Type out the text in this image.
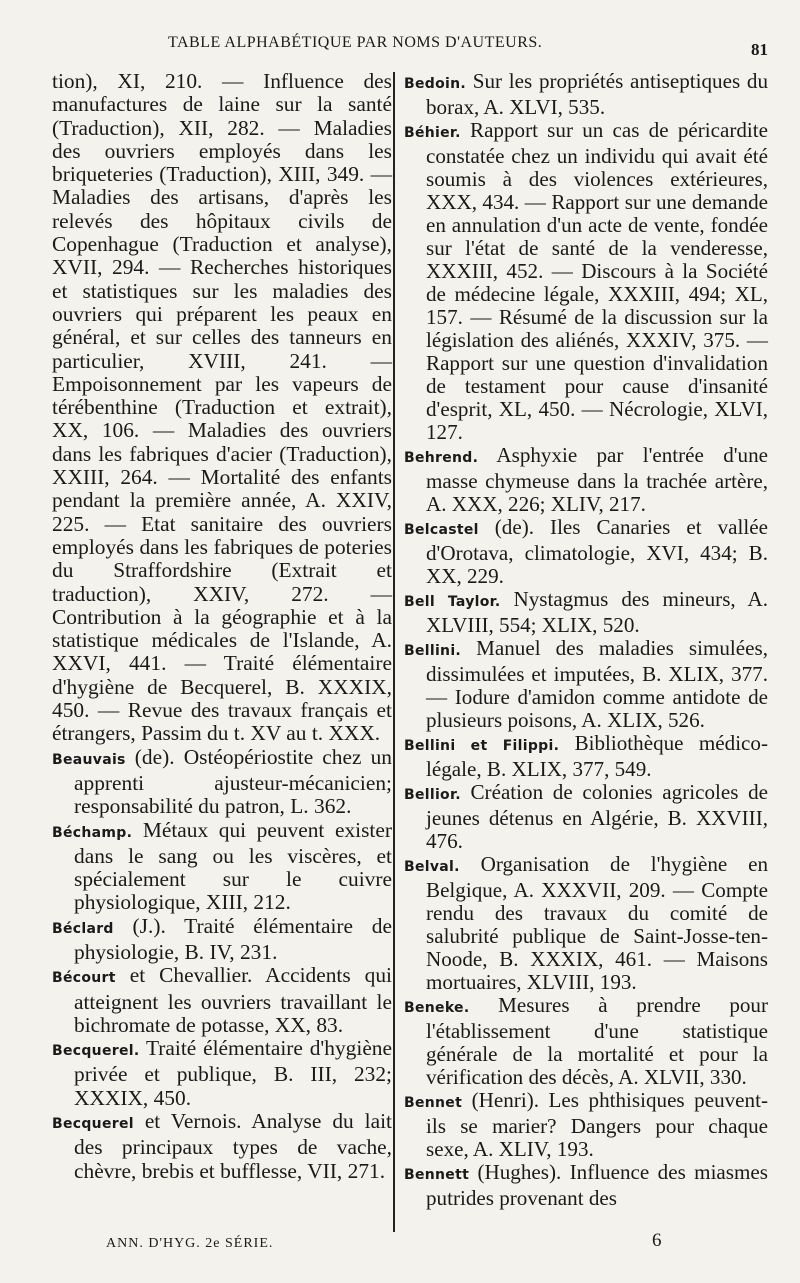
TABLE ALPHABÉTIQUE PAR NOMS D'AUTEURS.	81

tion), XI, 210. — Influence des manufactures de laine sur la santé (Traduction), XII, 282. — Maladies des ouvriers employés dans les briqueteries (Traduction), XIII, 349. — Maladies des artisans, d'après les relevés des hôpitaux civils de Copenhague (Traduction et analyse), XVII, 294. — Recherches historiques et statistiques sur les maladies des ouvriers qui préparent les peaux en général, et sur celles des tanneurs en particulier, XVIII, 241. — Empoisonnement par les vapeurs de térébenthine (Traduction et extrait), XX, 106. — Maladies des ouvriers dans les fabriques d'acier (Traduction), XXIII, 264. — Mortalité des enfants pendant la première année, A. XXIV, 225. — Etat sanitaire des ouvriers employés dans les fabriques de poteries du Straffordshire (Extrait et traduction), XXIV, 272. — Contribution à la géographie et à la statistique médicales de l'Islande, A. XXVI, 441. — Traité élémentaire d'hygiène de Becquerel, B. XXXIX, 450. — Revue des travaux français et étrangers, Passim du t. XV au t. XXX.

Beauvais (de). Ostéopériostite chez un apprenti ajusteur-mécanicien; responsabilité du patron, L. 362.

Béchamp. Métaux qui peuvent exister dans le sang ou les viscères, et spécialement sur le cuivre physiologique, XIII, 212.

Béclard (J.). Traité élémentaire de physiologie, B. IV, 231.

Bécourt et Chevallier. Accidents qui atteignent les ouvriers travaillant le bichromate de potasse, XX, 83.

Becquerel. Traité élémentaire d'hygiène privée et publique, B. III, 232; XXXIX, 450.

Becquerel et Vernois. Analyse du lait des principaux types de vache, chèvre, brebis et bufflesse, VII, 271.

Bedoin. Sur les propriétés antiseptiques du borax, A. XLVI, 535.

Béhier. Rapport sur un cas de péricardite constatée chez un individu qui avait été soumis à des violences extérieures, XXX, 434. — Rapport sur une demande en annulation d'un acte de vente, fondée sur l'état de santé de la venderesse, XXXIII, 452. — Discours à la Société de médecine légale, XXXIII, 494; XL, 157. — Résumé de la discussion sur la législation des aliénés, XXXIV, 375. — Rapport sur une question d'invalidation de testament pour cause d'insanité d'esprit, XL, 450. — Nécrologie, XLVI, 127.

Behrend. Asphyxie par l'entrée d'une masse chymeuse dans la trachée artère, A. XXX, 226; XLIV, 217.

Belcastel (de). Iles Canaries et vallée d'Orotava, climatologie, XVI, 434; B. XX, 229.

Bell Taylor. Nystagmus des mineurs, A. XLVIII, 554; XLIX, 520.

Bellini. Manuel des maladies simulées, dissimulées et imputées, B. XLIX, 377. — Iodure d'amidon comme antidote de plusieurs poisons, A. XLIX, 526.

Bellini et Filippi. Bibliothèque médico-légale, B. XLIX, 377, 549.

Bellior. Création de colonies agricoles de jeunes détenus en Algérie, B. XXVIII, 476.

Belval. Organisation de l'hygiène en Belgique, A. XXXVII, 209. — Compte rendu des travaux du comité de salubrité publique de Saint-Josse-ten-Noode, B. XXXIX, 461. — Maisons mortuaires, XLVIII, 193.

Beneke. Mesures à prendre pour l'établissement d'une statistique générale de la mortalité et pour la vérification des décès, A. XLVII, 330.

Bennet (Henri). Les phthisiques peuvent-ils se marier? Dangers pour chaque sexe, A. XLIV, 193.

Bennett (Hughes). Influence des miasmes putrides provenant des

ANN. D'HYG. 2e SÉRIE.	6
